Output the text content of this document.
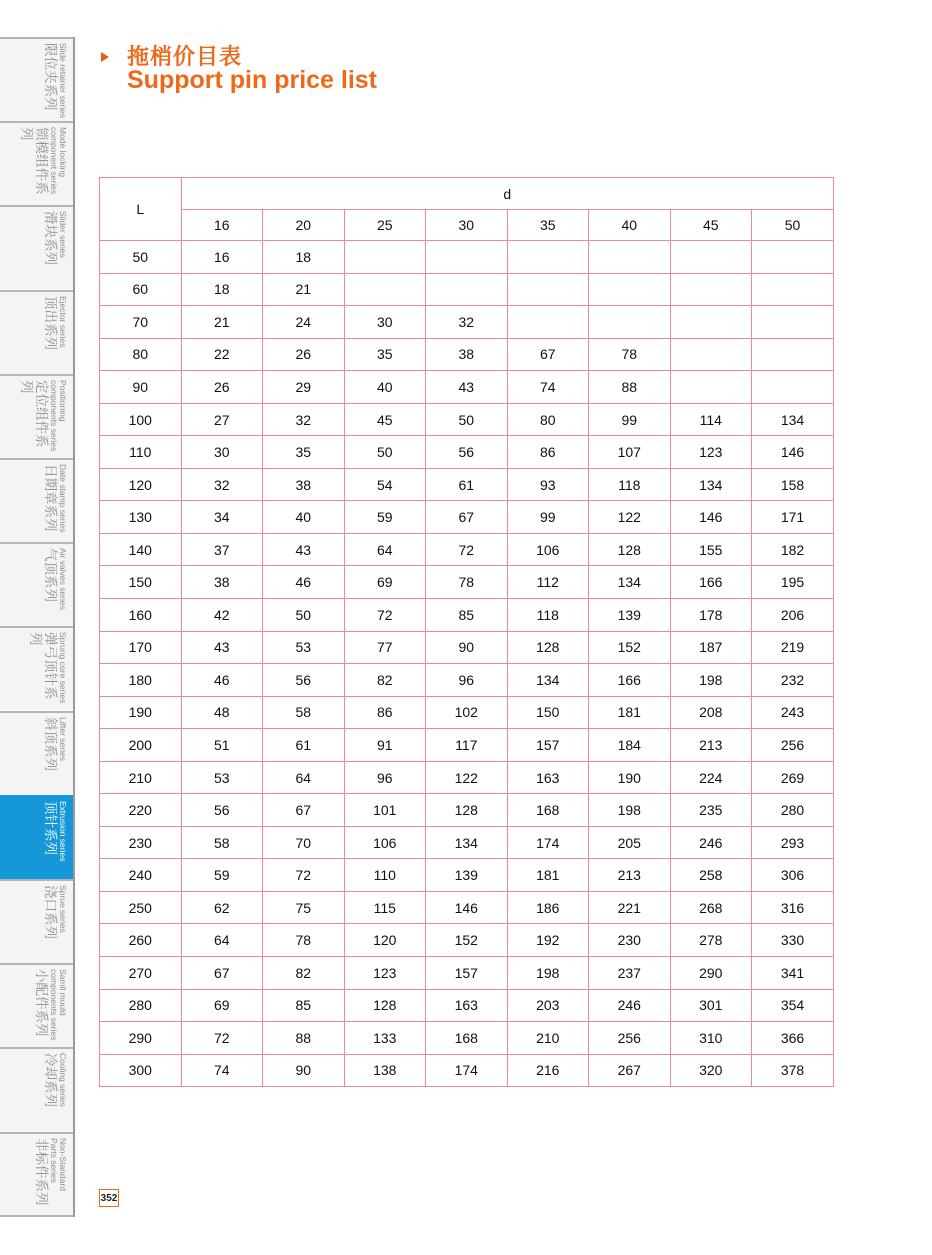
Slide retainer series
限位夹系列
Mode locking
component series
锁模组件系列
Slider series
滑块系列
Ejector series
顶出系列
Positioning
components series
定位组件系列
Date stamp series
日期章系列
Air valves series
气顶系列
Sprung core series
弹弓顶针系列
Lifter series
斜顶系列
Extrusion series
顶针系列
Sprue series
浇口系列
Samll mould
components series
小配件系列
Cooling series
冷却系列
Non-Standard
Parts series
非标件系列
拖梢价目表
Support pin price list
L	d							
	16	20	25	30	35	40	45	50
50	16	18						
60	18	21						
70	21	24	30	32				
80	22	26	35	38	67	78		
90	26	29	40	43	74	88		
100	27	32	45	50	80	99	114	134
110	30	35	50	56	86	107	123	146
120	32	38	54	61	93	118	134	158
130	34	40	59	67	99	122	146	171
140	37	43	64	72	106	128	155	182
150	38	46	69	78	112	134	166	195
160	42	50	72	85	118	139	178	206
170	43	53	77	90	128	152	187	219
180	46	56	82	96	134	166	198	232
190	48	58	86	102	150	181	208	243
200	51	61	91	117	157	184	213	256
210	53	64	96	122	163	190	224	269
220	56	67	101	128	168	198	235	280
230	58	70	106	134	174	205	246	293
240	59	72	110	139	181	213	258	306
250	62	75	115	146	186	221	268	316
260	64	78	120	152	192	230	278	330
270	67	82	123	157	198	237	290	341
280	69	85	128	163	203	246	301	354
290	72	88	133	168	210	256	310	366
300	74	90	138	174	216	267	320	378
352
